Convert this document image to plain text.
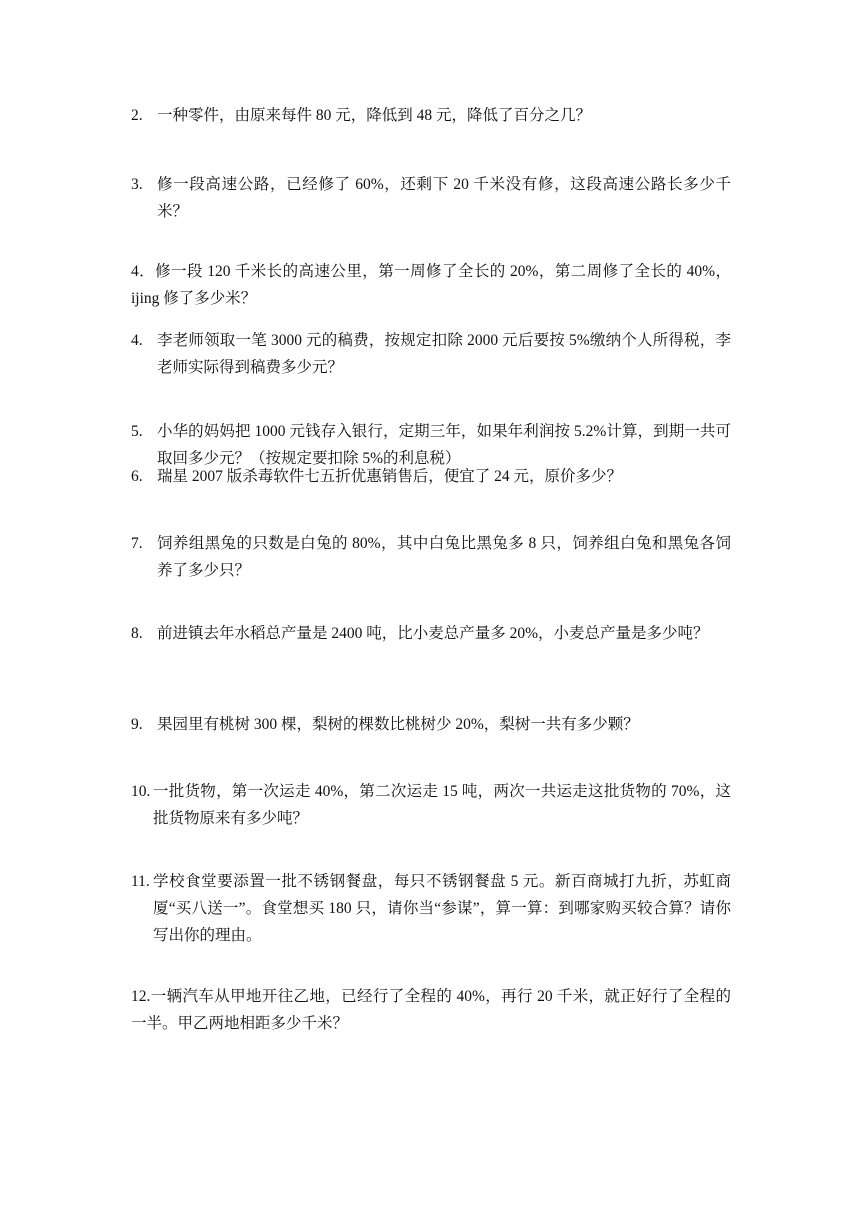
2. 一种零件，由原来每件 80 元，降低到 48 元，降低了百分之几？
3. 修一段高速公路，已经修了 60%，还剩下 20 千米没有修，这段高速公路长多少千米？
4．修一段 120 千米长的高速公里，第一周修了全长的 20%，第二周修了全长的 40%，ijing 修了多少米？
4. 李老师领取一笔 3000 元的稿费，按规定扣除 2000 元后要按 5%缴纳个人所得税，李老师实际得到稿费多少元？
5. 小华的妈妈把 1000 元钱存入银行，定期三年，如果年利润按 5.2%计算，到期一共可取回多少元？（按规定要扣除 5%的利息税）
6. 瑞星 2007 版杀毒软件七五折优惠销售后，便宜了 24 元，原价多少？
7. 饲养组黑兔的只数是白兔的 80%，其中白兔比黑兔多 8 只，饲养组白兔和黑兔各饲养了多少只？
8. 前进镇去年水稻总产量是 2400 吨，比小麦总产量多 20%，小麦总产量是多少吨？
9. 果园里有桃树 300 棵，梨树的棵数比桃树少 20%，梨树一共有多少颗？
10. 一批货物，第一次运走 40%，第二次运走 15 吨，两次一共运走这批货物的 70%，这批货物原来有多少吨？
11. 学校食堂要添置一批不锈钢餐盘，每只不锈钢餐盘 5 元。新百商城打九折，苏虹商厦“买八送一”。食堂想买 180 只，请你当“参谋”，算一算：到哪家购买较合算？请你写出你的理由。
12.一辆汽车从甲地开往乙地，已经行了全程的 40%，再行 20 千米，就正好行了全程的一半。甲乙两地相距多少千米？
